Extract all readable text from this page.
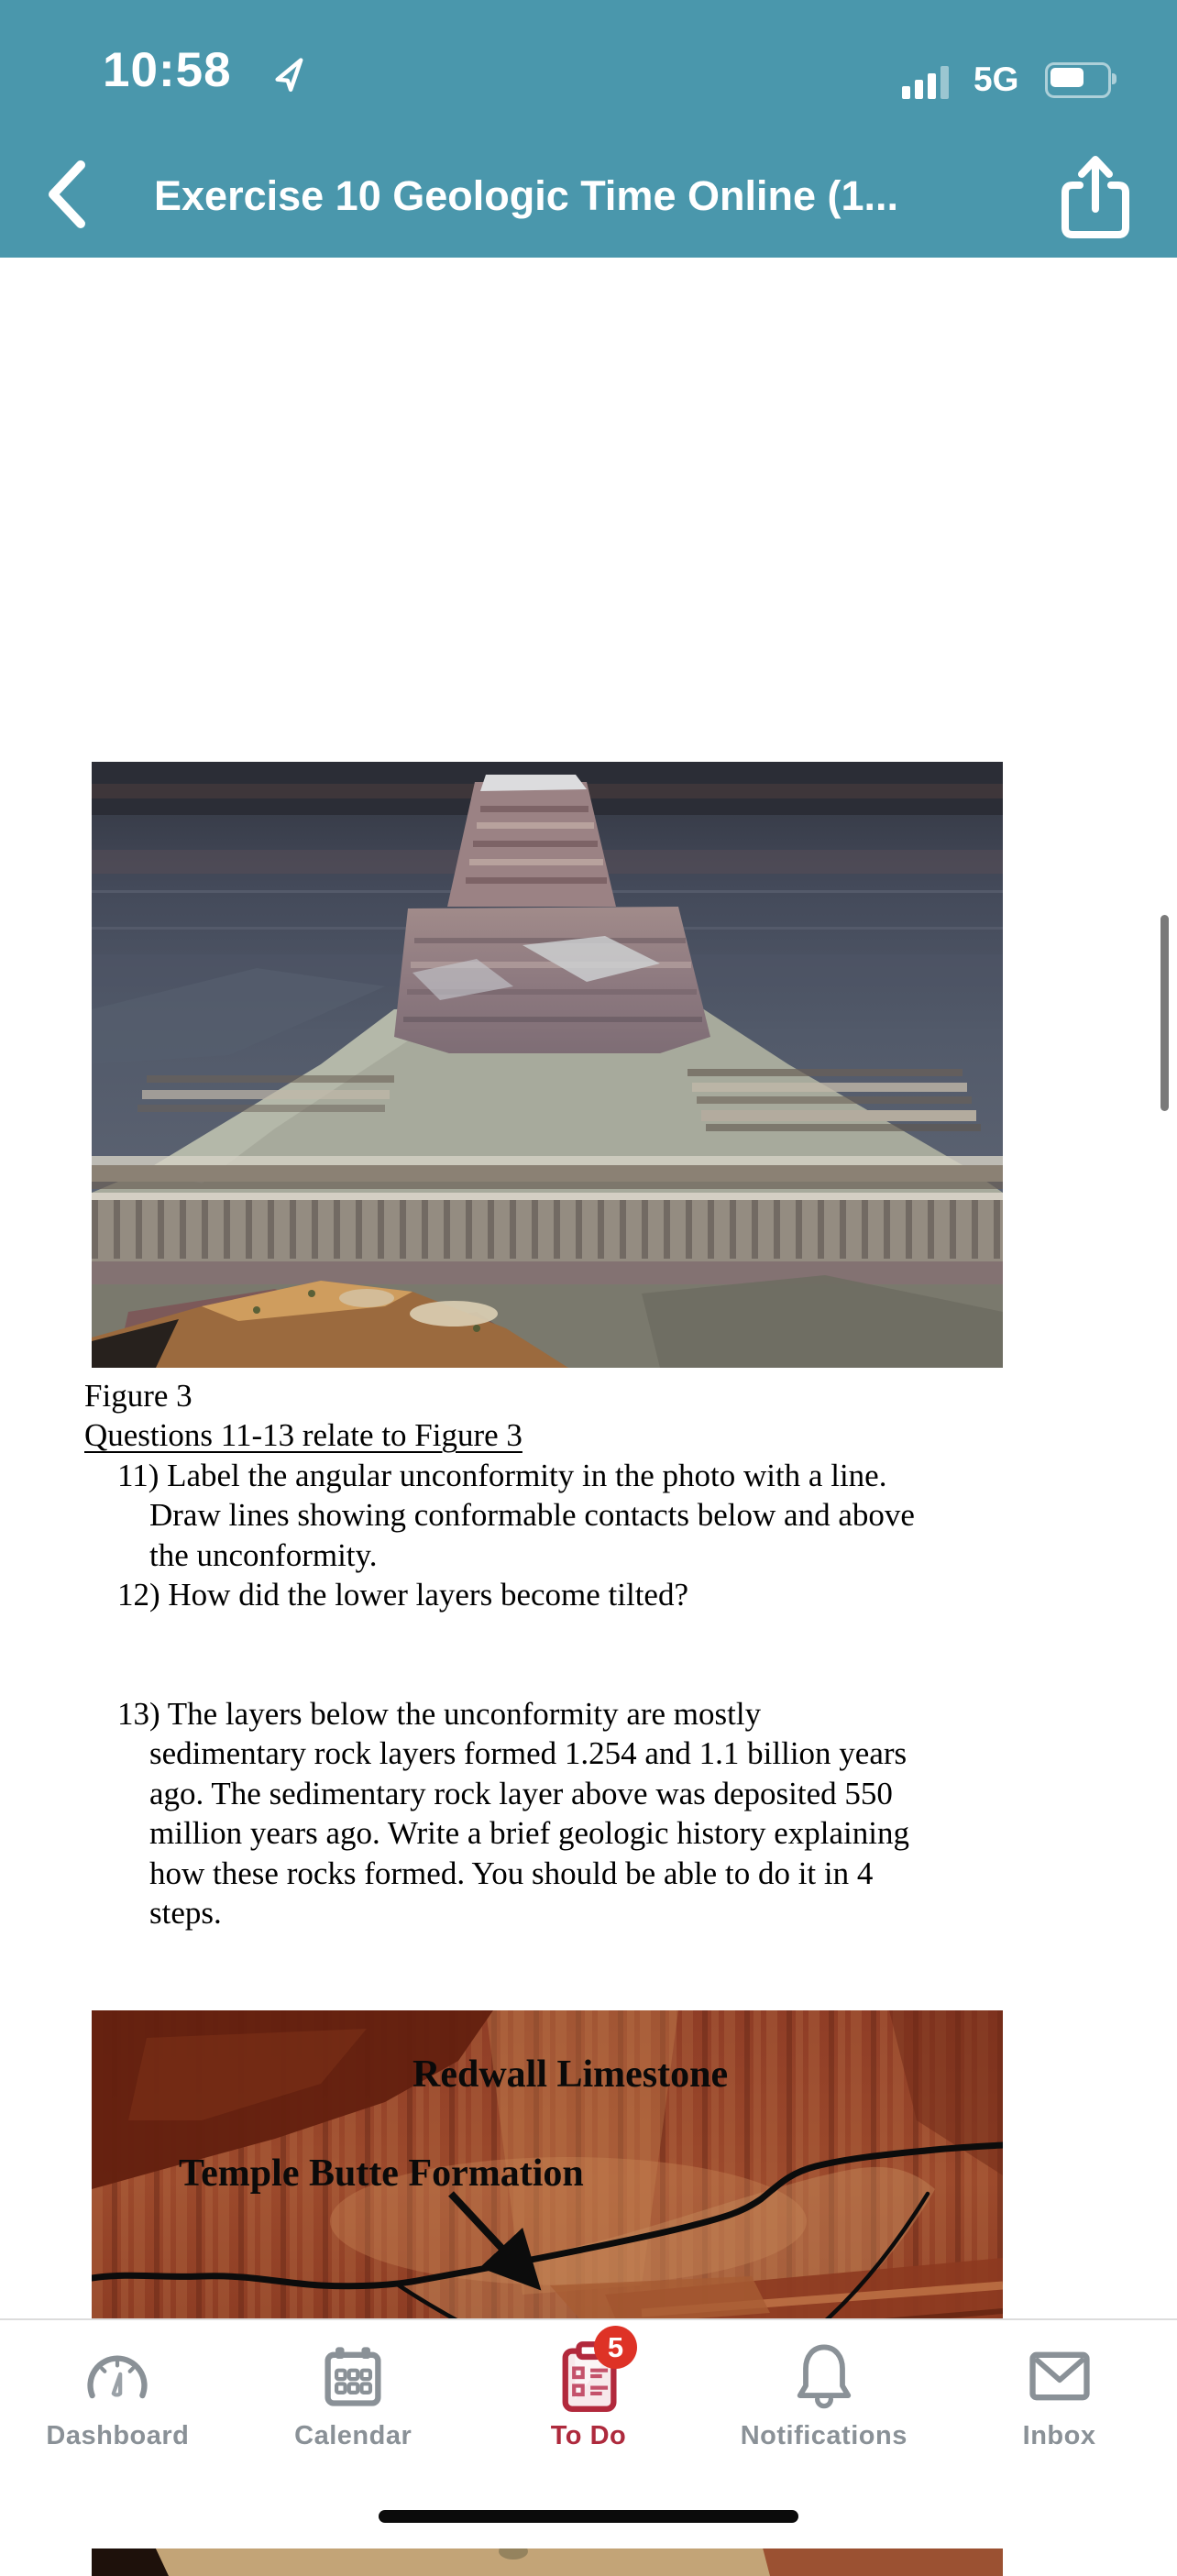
10:58	5G
Exercise 10 Geologic Time Online (1...
Figure 3
Questions 11-13 relate to Figure 3
11) Label the angular unconformity in the photo with a line.
Draw lines showing conformable contacts below and above
the unconformity.
12) How did the lower layers become tilted?
13) The layers below the unconformity are mostly
sedimentary rock layers formed 1.254 and 1.1 billion years
ago. The sedimentary rock layer above was deposited 550
million years ago. Write a brief geologic history explaining
how these rocks formed. You should be able to do it in 4
steps.
Redwall Limestone
Temple Butte Formation
Dashboard	Calendar
5
To Do	Notifications	Inbox
